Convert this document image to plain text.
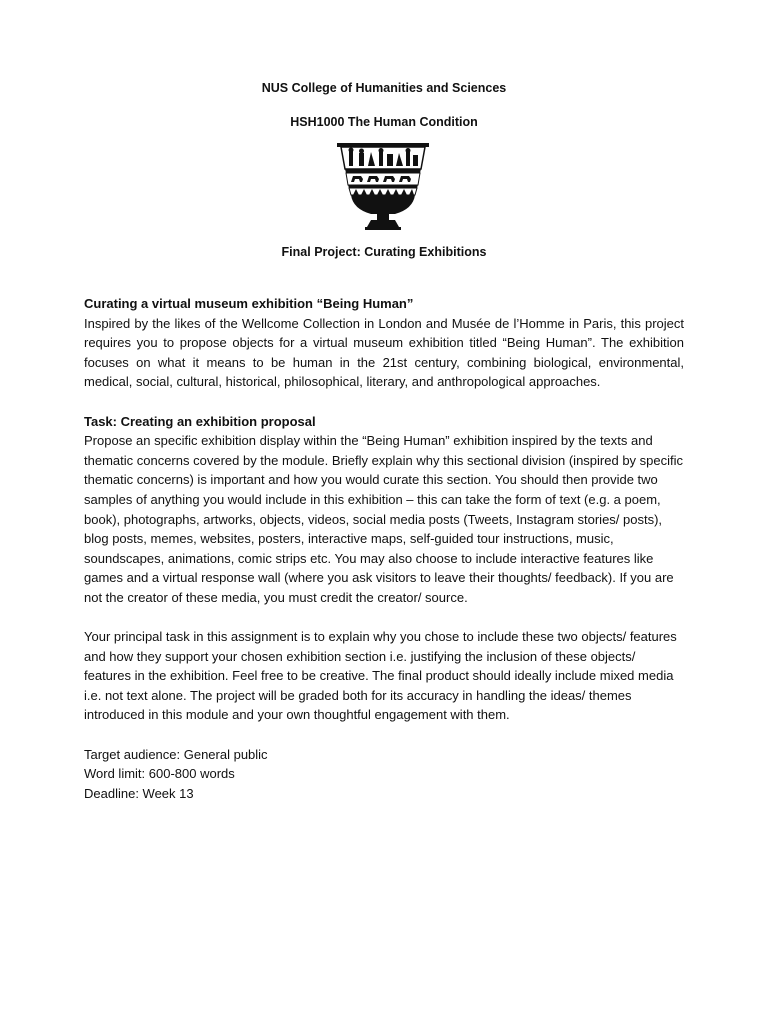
NUS College of Humanities and Sciences
HSH1000 The Human Condition
Final Project: Curating Exhibitions

Curating a virtual museum exhibition “Being Human”

Inspired by the likes of the Wellcome Collection in London and Musée de l’Homme in Paris, this project requires you to propose objects for a virtual museum exhibition titled “Being Human”. The exhibition focuses on what it means to be human in the 21st century, combining biological, environmental, medical, social, cultural, historical, philosophical, literary, and anthropological approaches.

Task: Creating an exhibition proposal

Propose an specific exhibition display within the “Being Human” exhibition inspired by the texts and thematic concerns covered by the module. Briefly explain why this sectional division (inspired by specific thematic concerns) is important and how you would curate this section. You should then provide two samples of anything you would include in this exhibition – this can take the form of text (e.g. a poem, book), photographs, artworks, objects, videos, social media posts (Tweets, Instagram stories/ posts), blog posts, memes, websites, posters, interactive maps, self-guided tour instructions, music, soundscapes, animations, comic strips etc. You may also choose to include interactive features like games and a virtual response wall (where you ask visitors to leave their thoughts/ feedback). If you are not the creator of these media, you must credit the creator/ source.

Your principal task in this assignment is to explain why you chose to include these two objects/ features and how they support your chosen exhibition section i.e. justifying the inclusion of these objects/ features in the exhibition. Feel free to be creative. The final product should ideally include mixed media i.e. not text alone. The project will be graded both for its accuracy in handling the ideas/ themes introduced in this module and your own thoughtful engagement with them.

Target audience: General public

Word limit: 600-800 words

Deadline: Week 13
